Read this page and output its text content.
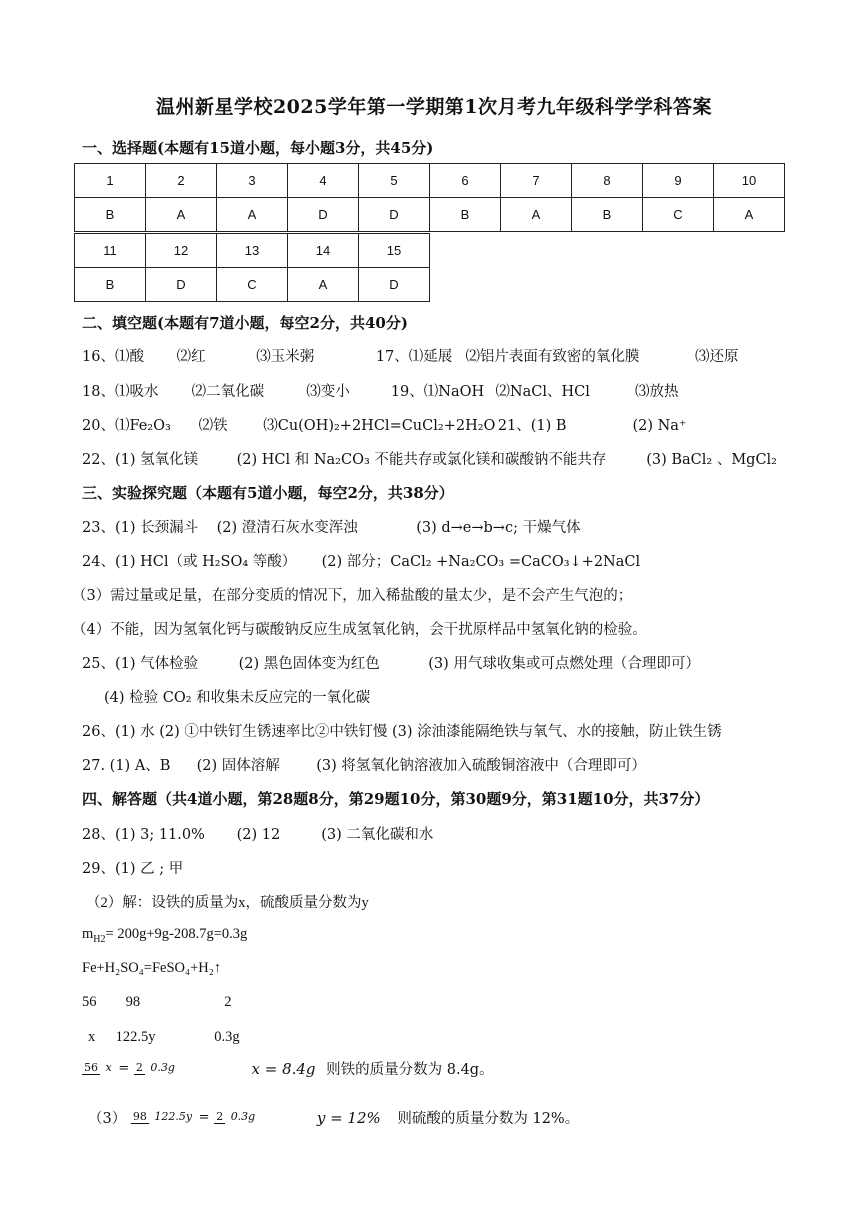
温州新星学校2025学年第一学期第1次月考九年级科学学科答案
一、选择题(本题有15道小题，每小题3分，共45分)
1	2	3	4	5	6	7	8	9	10
B	A	A	D	D	B	A	B	C	A
11	12	13	14	15
B	D	C	A	D
二、填空题(本题有7道小题，每空2分，共40分)
16、⑴酸 ⑵红	⑶玉米粥	17、⑴延展 ⑵铝片表面有致密的氧化膜	⑶还原
18、⑴吸水 ⑵二氧化碳	⑶变小	19、⑴NaOH ⑵NaCl、HCl	⑶放热
20、⑴Fe₂O₃ ⑵铁 ⑶Cu(OH)₂+2HCl=CuCl₂+2H₂O 21、(1) B	(2) Na⁺
22、(1) 氢氧化镁	(2) HCl 和 Na₂CO₃ 不能共存或氯化镁和碳酸钠不能共存	(3) BaCl₂ 、MgCl₂
三、实验探究题（本题有5道小题，每空2分，共38分）
23、(1) 长颈漏斗 (2) 澄清石灰水变浑浊	(3) d→e→b→c; 干燥气体
24、(1) HCl（或 H₂SO₄ 等酸） (2) 部分；CaCl₂ +Na₂CO₃ =CaCO₃↓+2NaCl
（3）需过量或足量，在部分变质的情况下，加入稀盐酸的量太少，是不会产生气泡的；
（4）不能，因为氢氧化钙与碳酸钠反应生成氢氧化钠，会干扰原样品中氢氧化钠的检验。
25、(1) 气体检验	(2) 黑色固体变为红色	(3) 用气球收集或可点燃处理（合理即可）
(4) 检验 CO₂ 和收集未反应完的一氧化碳
26、(1) 水 (2) ①中铁钉生锈速率比②中铁钉慢 (3) 涂油漆能隔绝铁与氧气、水的接触，防止铁生锈
27. (1) A、B (2) 固体溶解	(3) 将氢氧化钠溶液加入硫酸铜溶液中（合理即可）
四、解答题（共4道小题，第28题8分，第29题10分，第30题9分，第31题10分，共37分）
28、(1) 3; 11.0% (2) 12	(3) 二氧化碳和水
29、(1) 乙 ; 甲
（2）解：设铁的质量为x，硫酸质量分数为y
$m_{H2}= 200g+9g-208.7g=0.3g$
Fe+H₂SO₄=FeSO₄+H₂↑
56 98	2
x 122.5y	0.3g
56 x = 2 0.3g	x = 8.4g 则铁的质量分数为 8.4g。
（3） 98 122.5y = 2 0.3g	y = 12% 则硫酸的质量分数为 12%。
